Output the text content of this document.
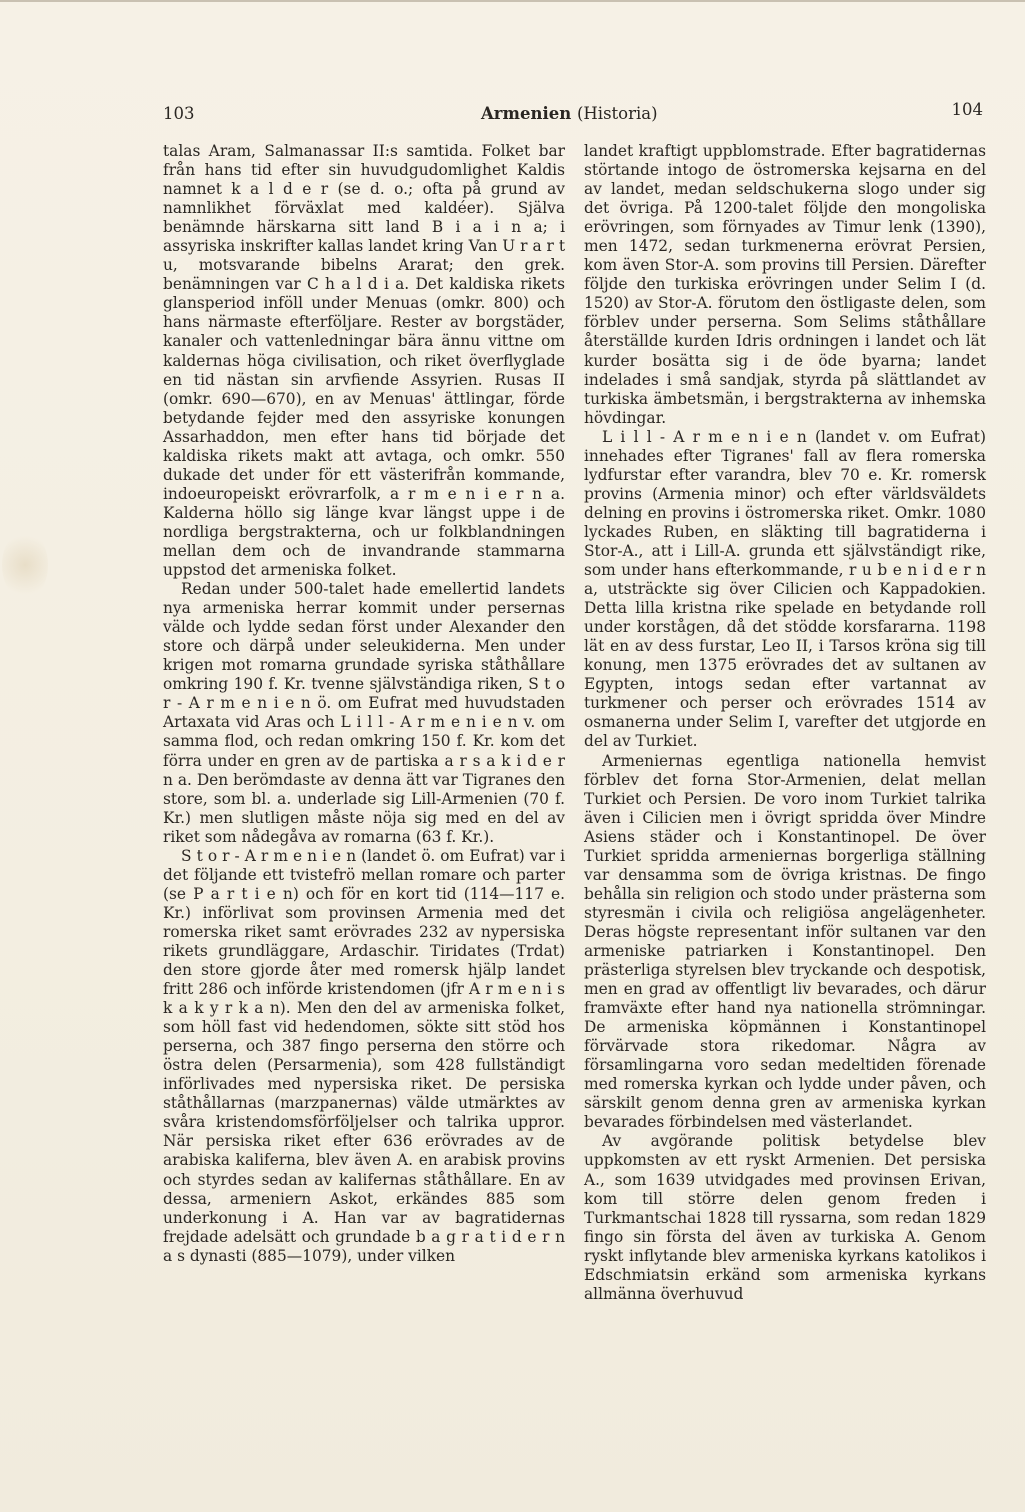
103	Armenien (Historia)	104

talas Aram, Salmanassar II:s samtida. Folket bar från hans tid efter sin huvudgudomlighet Kaldis namnet k a l d e r (se d. o.; ofta på grund av namnlikhet förväxlat med kaldéer). Själva benämnde härskarna sitt land B i a i n a; i assyriska inskrifter kallas landet kring Van U r a r t u, motsvarande bibelns Ararat; den grek. benämningen var C h a l d i a. Det kaldiska rikets glansperiod inföll under Menuas (omkr. 800) och hans närmaste efterföljare. Rester av borgstäder, kanaler och vattenledningar bära ännu vittne om kaldernas höga civilisation, och riket överflyglade en tid nästan sin arvfiende Assyrien. Rusas II (omkr. 690—670), en av Menuas' ättlingar, förde betydande fejder med den assyriske konungen Assarhaddon, men efter hans tid började det kaldiska rikets makt att avtaga, och omkr. 550 dukade det under för ett västerifrån kommande, indoeuropeiskt erövrarfolk, a r m e n i e r n a. Kalderna höllo sig länge kvar längst uppe i de nordliga bergstrakterna, och ur folkblandningen mellan dem och de invandrande stammarna uppstod det armeniska folket.

Redan under 500-talet hade emellertid landets nya armeniska herrar kommit under persernas välde och lydde sedan först under Alexander den store och därpå under seleukiderna. Men under krigen mot romarna grundade syriska ståthållare omkring 190 f. Kr. tvenne självständiga riken, S t o r - A r m e n i e n ö. om Eufrat med huvudstaden Artaxata vid Aras och L i l l - A r m e n i e n v. om samma flod, och redan omkring 150 f. Kr. kom det förra under en gren av de partiska a r s a k i d e r n a. Den berömdaste av denna ätt var Tigranes den store, som bl. a. underlade sig Lill-Armenien (70 f. Kr.) men slutligen måste nöja sig med en del av riket som nådegåva av romarna (63 f. Kr.).

S t o r - A r m e n i e n (landet ö. om Eufrat) var i det följande ett tvistefrö mellan romare och parter (se P a r t i e n) och för en kort tid (114—117 e. Kr.) införlivat som provinsen Armenia med det romerska riket samt erövrades 232 av nypersiska rikets grundläggare, Ardaschir. Tiridates (Trdat) den store gjorde åter med romersk hjälp landet fritt 286 och införde kristendomen (jfr A r m e n i s k a k y r k a n). Men den del av armeniska folket, som höll fast vid hedendomen, sökte sitt stöd hos perserna, och 387 fingo perserna den större och östra delen (Persarmenia), som 428 fullständigt införlivades med nypersiska riket. De persiska ståthållarnas (marzpanernas) välde utmärktes av svåra kristendomsförföljelser och talrika uppror. När persiska riket efter 636 erövrades av de arabiska kaliferna, blev även A. en arabisk provins och styrdes sedan av kalifernas ståthållare. En av dessa, armeniern Askot, erkändes 885 som underkonung i A. Han var av bagratidernas frejdade adelsätt och grundade b a g r a t i d e r n a s dynasti (885—1079), under vilken

landet kraftigt uppblomstrade. Efter bagratidernas störtande intogo de östromerska kejsarna en del av landet, medan seldschukerna slogo under sig det övriga. På 1200-talet följde den mongoliska erövringen, som förnyades av Timur lenk (1390), men 1472, sedan turkmenerna erövrat Persien, kom även Stor-A. som provins till Persien. Därefter följde den turkiska erövringen under Selim I (d. 1520) av Stor-A. förutom den östligaste delen, som förblev under perserna. Som Selims ståthållare återställde kurden Idris ordningen i landet och lät kurder bosätta sig i de öde byarna; landet indelades i små sandjak, styrda på slättlandet av turkiska ämbetsmän, i bergstrakterna av inhemska hövdingar.

L i l l - A r m e n i e n (landet v. om Eufrat) innehades efter Tigranes' fall av flera romerska lydfurstar efter varandra, blev 70 e. Kr. romersk provins (Armenia minor) och efter världsväldets delning en provins i östromerska riket. Omkr. 1080 lyckades Ruben, en släkting till bagratiderna i Stor-A., att i Lill-A. grunda ett självständigt rike, som under hans efterkommande, r u b e n i d e r n a, utsträckte sig över Cilicien och Kappadokien. Detta lilla kristna rike spelade en betydande roll under korstågen, då det stödde korsfararna. 1198 lät en av dess furstar, Leo II, i Tarsos kröna sig till konung, men 1375 erövrades det av sultanen av Egypten, intogs sedan efter vartannat av turkmener och perser och erövrades 1514 av osmanerna under Selim I, varefter det utgjorde en del av Turkiet.

Armeniernas egentliga nationella hemvist förblev det forna Stor-Armenien, delat mellan Turkiet och Persien. De voro inom Turkiet talrika även i Cilicien men i övrigt spridda över Mindre Asiens städer och i Konstantinopel. De över Turkiet spridda armeniernas borgerliga ställning var densamma som de övriga kristnas. De fingo behålla sin religion och stodo under prästerna som styresmän i civila och religiösa angelägenheter. Deras högste representant inför sultanen var den armeniske patriarken i Konstantinopel. Den prästerliga styrelsen blev tryckande och despotisk, men en grad av offentligt liv bevarades, och därur framväxte efter hand nya nationella strömningar. De armeniska köpmännen i Konstantinopel förvärvade stora rikedomar. Några av församlingarna voro sedan medeltiden förenade med romerska kyrkan och lydde under påven, och särskilt genom denna gren av armeniska kyrkan bevarades förbindelsen med västerlandet.

Av avgörande politisk betydelse blev uppkomsten av ett ryskt Armenien. Det persiska A., som 1639 utvidgades med provinsen Erivan, kom till större delen genom freden i Turkmantschai 1828 till ryssarna, som redan 1829 fingo sin första del även av turkiska A. Genom ryskt inflytande blev armeniska kyrkans katolikos i Edschmiatsin erkänd som armeniska kyrkans allmänna överhuvud
